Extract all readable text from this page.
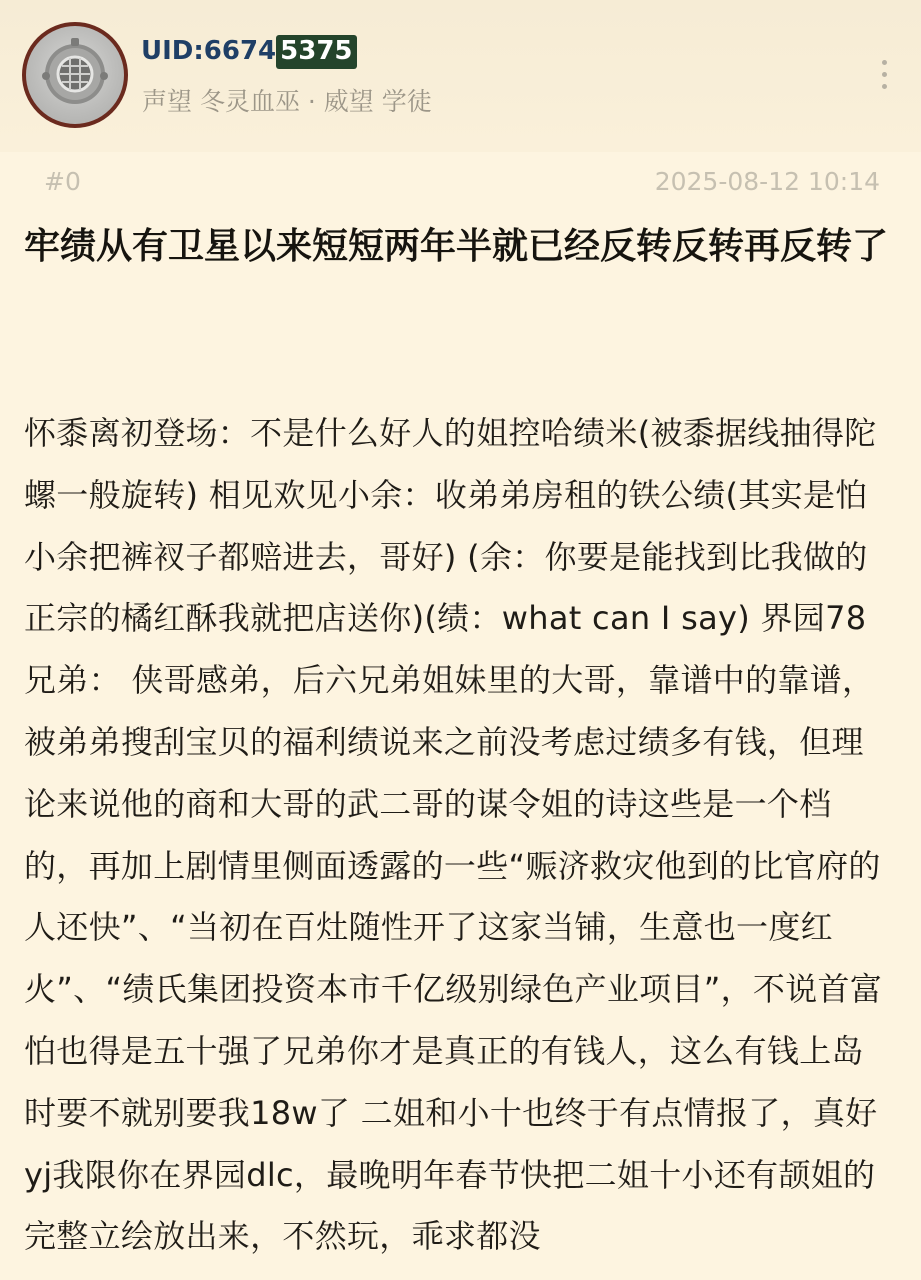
UID:6674 5375
声望 冬灵血巫 · 威望 学徒
#0	2025-08-12 10:14
牢绩从有卫星以来短短两年半就已经反转反转再反转了

怀黍离初登场：不是什么好人的姐控哈绩米(被黍据线抽得陀螺一般旋转) 相见欢见小余：收弟弟房租的铁公绩(其实是怕小余把裤衩子都赔进去，哥好) (余：你要是能找到比我做的正宗的橘红酥我就把店送你)(绩：what can I say) 界园78兄弟： 侠哥感弟，后六兄弟姐妹里的大哥，靠谱中的靠谱，被弟弟搜刮宝贝的福利绩说来之前没考虑过绩多有钱，但理论来说他的商和大哥的武二哥的谋令姐的诗这些是一个档的，再加上剧情里侧面透露的一些“赈济救灾他到的比官府的人还快”、“当初在百灶随性开了这家当铺，生意也一度红火”、“绩氏集团投资本市千亿级别绿色产业项目”，不说首富怕也得是五十强了兄弟你才是真正的有钱人，这么有钱上岛时要不就别要我18w了 二姐和小十也终于有点情报了，真好yj我限你在界园dlc，最晚明年春节快把二姐十小还有颉姐的完整立绘放出来，不然玩，乖求都没
